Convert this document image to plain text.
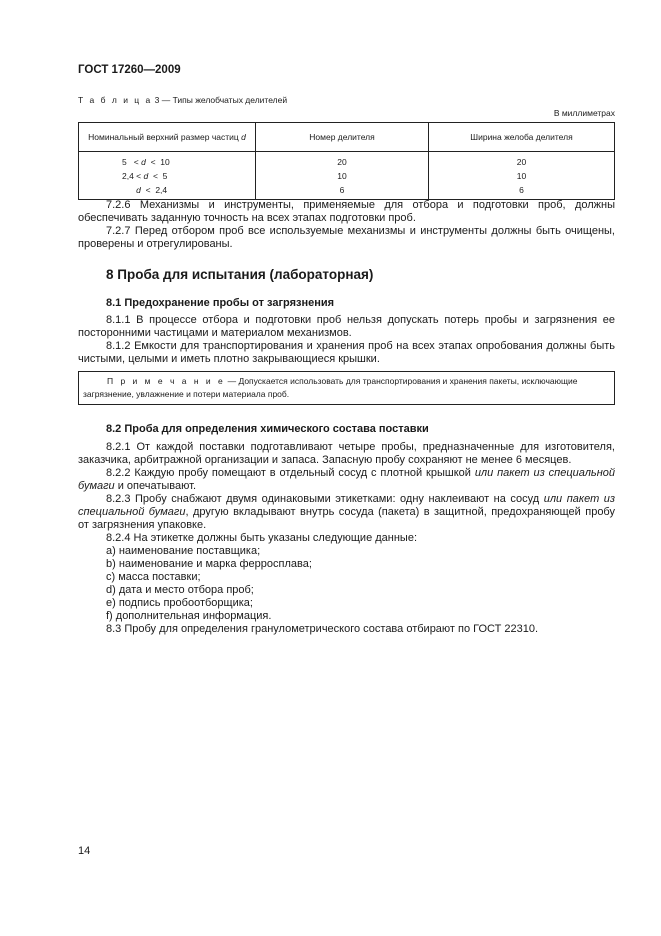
ГОСТ 17260—2009
Т а б л и ц а 3 — Типы желобчатых делителей
В миллиметрах
Номинальный верхний размер частиц d	Номер делителя	Ширина желоба делителя
5   < d  <  10	20	20
2,4 < d  <  5	10	10
d  <  2,4	6	6

7.2.6 Механизмы и инструменты, применяемые для отбора и подготовки проб, должны обеспечивать заданную точность на всех этапах подготовки проб.

7.2.7 Перед отбором проб все используемые механизмы и инструменты должны быть очищены, проверены и отрегулированы.

8 Проба для испытания (лабораторная)

8.1 Предохранение пробы от загрязнения

8.1.1 В процессе отбора и подготовки проб нельзя допускать потерь пробы и загрязнения ее посторонними частицами и материалом механизмов.

8.1.2 Емкости для транспортирования и хранения проб на всех этапах опробования должны быть чистыми, целыми и иметь плотно закрывающиеся крышки.

П р и м е ч а н и е — Допускается использовать для транспортирования и хранения пакеты, исключающие загрязнение, увлажнение и потери материала проб.

8.2 Проба для определения химического состава поставки

8.2.1 От каждой поставки подготавливают четыре пробы, предназначенные для изготовителя, заказчика, арбитражной организации и запаса. Запасную пробу сохраняют не менее 6 месяцев.

8.2.2 Каждую пробу помещают в отдельный сосуд с плотной крышкой или пакет из специальной бумаги и опечатывают.

8.2.3 Пробу снабжают двумя одинаковыми этикетками: одну наклеивают на сосуд или пакет из специальной бумаги, другую вкладывают внутрь сосуда (пакета) в защитной, предохраняющей пробу от загрязнения упаковке.

8.2.4 На этикетке должны быть указаны следующие данные:

a) наименование поставщика;

b) наименование и марка ферросплава;

c) масса поставки;

d) дата и место отбора проб;

e) подпись пробоотборщика;

f) дополнительная информация.

8.3 Пробу для определения гранулометрического состава отбирают по ГОСТ 22310.

14
